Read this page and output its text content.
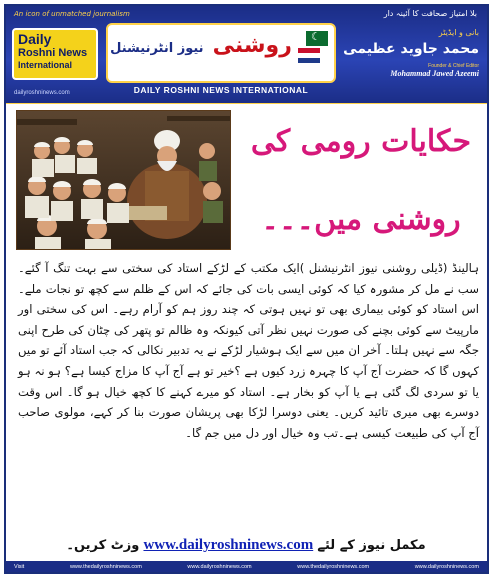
An icon of unmatched journalism	بلا امتیاز صحافت کا آئینہ دار
Daily
Roshni News
International
روشنی نیوز انٹرنیشنل
☾
DAILY ROSHNI NEWS INTERNATIONAL
dailyroshninews.com
بانی و ایڈیٹر
محمد جاوید عظیمی
Founder & Chief Editor
Mohammad Jawed Azeemi
حکایات رومی کی
روشنی میں۔۔۔

ہالینڈ (ڈیلی روشنی نیوز انٹرنیشنل )ایک مکتب کے لڑکے استاد کی سختی سے بہت تنگ آ گئے۔ سب نے مل کر مشورہ کیا کہ کوئی ایسی بات کی جائے کہ اس کے ظلم سے کچھ تو نجات ملے۔ اس استاد کو کوئی بیماری بھی تو نہیں ہوتی کہ چند روز ہم کو آرام رہے۔ اس کی سختی اور مارپیٹ سے کوئی بچنے کی صورت نہیں نظر آتی کیونکہ وہ ظالم تو پتھر کی چٹان کی طرح اپنی جگہ سے نہیں ہلتا۔ آخر ان میں سے ایک ہوشیار لڑکے نے یہ تدبیر نکالی کہ جب استاد آئے تو میں کہوں گا کہ حضرت آج آپ کا چہرہ زرد کیوں ہے ؟خیر تو ہے آج آپ کا مزاج کیسا ہے؟ ہو نہ ہو یا تو سردی لگ گئی ہے یا آپ کو بخار ہے۔ استاد کو میرے کہنے کا کچھ خیال ہو گا۔ اس وقت دوسرے بھی میری تائید کریں۔ یعنی دوسرا لڑکا بھی پریشان صورت بنا کر کہے، مولوی صاحب آج آپ کی طبیعت کیسی ہے۔تب وہ خیال اور دل میں جم گا۔

مکمل نیوز کے لئے www.dailyroshninews.com وزٹ کریں۔
Visit	www.thedailyroshninews.com	www.dailyroshninews.com	www.thedailyroshninews.com	www.dailyroshninews.com
